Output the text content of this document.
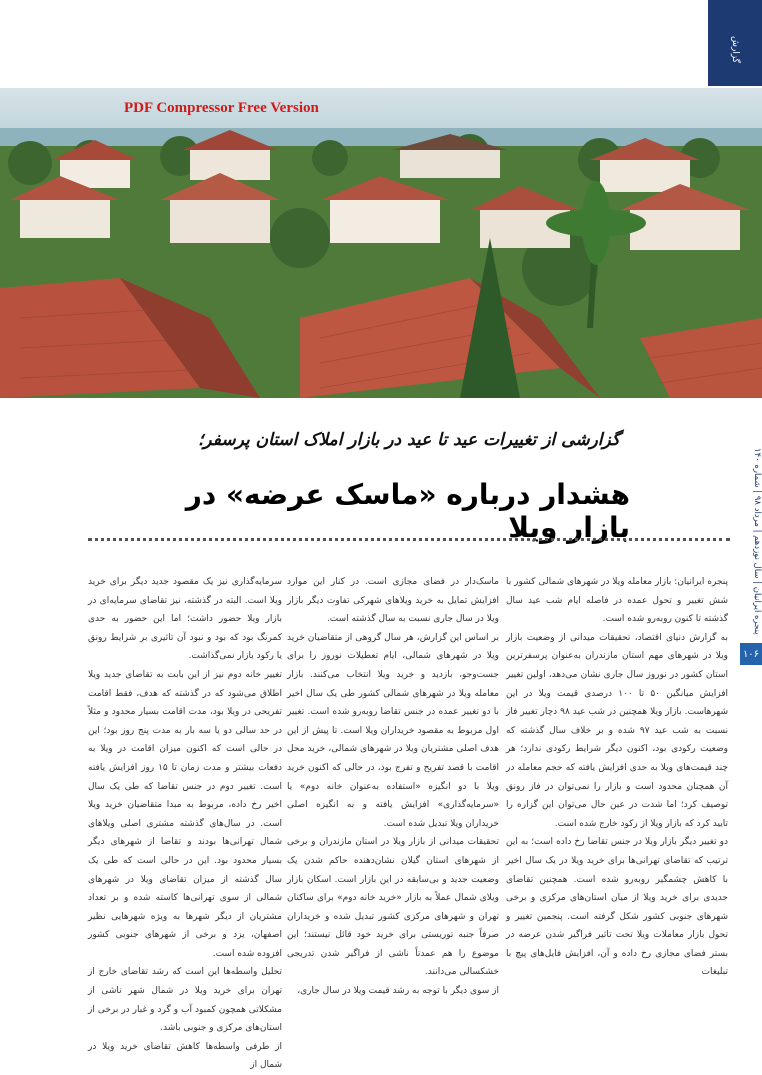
گزارش
PDF Compressor Free Version
پنجره ایرانیان | سال نوزدهم | مرداد ۹۸ | شماره ۱۴۰
۱۰۶
گزارشی از تغییرات عید تا عید در بازار املاک استان پرسفر؛
هشدار درباره «ماسک عرضه» در بازار ویلا

پنجره ایرانیان: بازار معامله ویلا در شهرهای شمالی کشور با شش تغییر و تحول عمده در فاصله ایام شب عید سال گذشته تا کنون روبه‌رو شده است.

به گزارش دنیای اقتصاد، تحقیقات میدانی از وضعیت بازار ویلا در شهرهای مهم استان مازندران به‌عنوان پرسفرترین استان کشور در نوروز سال جاری نشان می‌دهد، اولین تغییر افزایش میانگین ۵۰ تا ۱۰۰ درصدی قیمت ویلا در این شهرهاست. بازار ویلا همچنین در شب عید ۹۸ دچار تغییر فاز نسبت به شب عید ۹۷ شده و بر خلاف سال گذشته که وضعیت رکودی بود، اکنون دیگر شرایط رکودی ندارد؛ هر چند قیمت‌های ویلا به حدی افزایش یافته که حجم معامله در آن همچنان محدود است و بازار را نمی‌توان در فاز رونق توصیف کرد؛ اما شدت در عین حال می‌توان این گزاره را تایید کرد که بازار ویلا از رکود خارج شده است.

دو تغییر دیگر بازار ویلا در جنس تقاضا رخ داده است؛ به این ترتیب که تقاضای تهرانی‌ها برای خرید ویلا در یک سال اخیر با کاهش چشمگیر روبه‌رو شده است. همچنین تقاضای جدیدی برای خرید ویلا از میان استان‌های مرکزی و برخی شهرهای جنوبی کشور شکل گرفته است. پنجمین تغییر و تحول بازار معاملات ویلا تحت تاثیر فراگیر شدن عرضه در بستر فضای مجازی رخ داده و آن، افزایش فایل‌های پیچ با تبلیغات

ماسک‌دار در فضای مجازی است. در کنار این موارد افزایش تمایل به خرید ویلاهای شهرکی تفاوت دیگر بازار ویلا در سال جاری نسبت به سال گذشته است.

بر اساس این گزارش، هر سال گروهی از متقاضیان خرید ویلا در شهرهای شمالی، ایام تعطیلات نوروز را برای جست‌وجو، بازدید و خرید ویلا انتخاب می‌کنند. بازار معامله ویلا در شهرهای شمالی کشور طی یک سال اخیر با دو تغییر عمده در جنس تقاضا روبه‌رو شده است. تغییر اول مربوط به مقصود خریداران ویلا است. تا پیش از این هدف اصلی مشتریان ویلا در شهرهای شمالی، خرید محل اقامت با قصد تفریح و تفرج بود، در حالی که اکنون خرید ویلا با دو انگیزه «استفاده به‌عنوان خانه دوم» یا «سرمایه‌گذاری» افزایش یافته و به انگیزه اصلی خریداران ویلا تبدیل شده است.

تحقیقات میدانی از بازار ویلا در استان مازندران و برخی از شهرهای استان گیلان نشان‌دهنده حاکم شدن یک وضعیت جدید و بی‌سابقه در این بازار است. اسکان بازار ویلای شمال عملاً به بازار «خرید خانه دوم» برای ساکنان تهران و شهرهای مرکزی کشور تبدیل شده و خریداران صرفاً جنبه توریستی برای خرید خود قائل نیستند؛ این موضوع را هم عمدتاً ناشی از فراگیر شدن تدریجی خشکسالی می‌دانند.

از سوی دیگر با توجه به رشد قیمت ویلا در سال جاری،

سرمایه‌گذاری نیز یک مقصود جدید دیگر برای خرید ویلا است. البته در گذشته، نیز تقاضای سرمایه‌ای در بازار ویلا حضور داشت؛ اما این حضور به حدی کمرنگ بود که بود و نبود آن تاثیری بر شرایط رونق یا رکود بازار نمی‌گذاشت.

تغییر خانه دوم نیز از این بابت به تقاضای جدید ویلا اطلاق می‌شود که در گذشته که هدف، فقط اقامت تفریحی در ویلا بود، مدت اقامت بسیار محدود و مثلاً در حد سالی دو یا سه بار به مدت پنج روز بود؛ این در حالی است که اکنون میزان اقامت در ویلا به دفعات بیشتر و مدت زمان تا ۱۵ روز افزایش یافته است. تغییر دوم در جنس تقاضا که طی یک سال اخیر رخ داده، مربوط به مبدا متقاضیان خرید ویلا است. در سال‌های گذشته مشتری اصلی ویلاهای شمال تهرانی‌ها بودند و تقاضا از شهرهای دیگر بسیار محدود بود. این در حالی است که طی یک سال گذشته از میزان تقاضای ویلا در شهرهای شمالی از سوی تهرانی‌ها کاسته شده و بر تعداد مشتریان از دیگر شهرها به ویژه شهرهایی نظیر اصفهان، یزد و برخی از شهرهای جنوبی کشور افزوده شده است.

تحلیل واسطه‌ها این است که رشد تقاضای خارج از تهران برای خرید ویلا در شمال شهر ناشی از مشکلاتی همچون کمبود آب و گرد و غبار در برخی از استان‌های مرکزی و جنوبی باشد.

از طرفی واسطه‌ها کاهش تقاضای خرید ویلا در شمال از
